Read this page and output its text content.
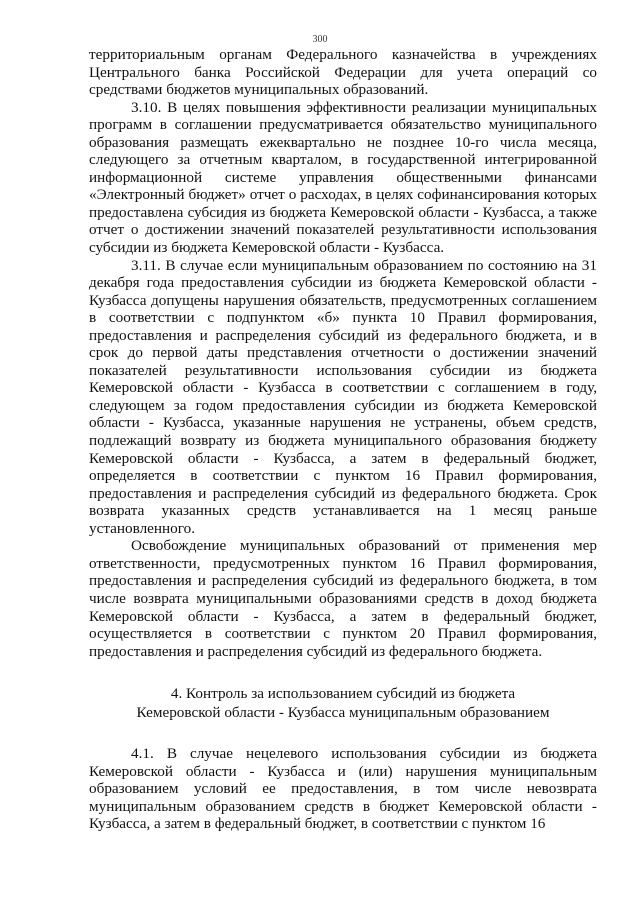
300

территориальным органам Федерального казначейства в учреждениях Центрального банка Российской Федерации для учета операций со средствами бюджетов муниципальных образований.

3.10. В целях повышения эффективности реализации муниципальных программ в соглашении предусматривается обязательство муниципального образования размещать ежеквартально не позднее 10-го числа месяца, следующего за отчетным кварталом, в государственной интегрированной информационной системе управления общественными финансами «Электронный бюджет» отчет о расходах, в целях софинансирования которых предоставлена субсидия из бюджета Кемеровской области - Кузбасса, а также отчет о достижении значений показателей результативности использования субсидии из бюджета Кемеровской области - Кузбасса.

3.11. В случае если муниципальным образованием по состоянию на 31 декабря года предоставления субсидии из бюджета Кемеровской области - Кузбасса допущены нарушения обязательств, предусмотренных соглашением в соответствии с подпунктом «б» пункта 10 Правил формирования, предоставления и распределения субсидий из федерального бюджета, и в срок до первой даты представления отчетности о достижении значений показателей результативности использования субсидии из бюджета Кемеровской области - Кузбасса в соответствии с соглашением в году, следующем за годом предоставления субсидии из бюджета Кемеровской области - Кузбасса, указанные нарушения не устранены, объем средств, подлежащий возврату из бюджета муниципального образования бюджету Кемеровской области - Кузбасса, а затем в федеральный бюджет, определяется в соответствии с пунктом 16 Правил формирования, предоставления и распределения субсидий из федерального бюджета. Срок возврата указанных средств устанавливается на 1 месяц раньше установленного.

Освобождение муниципальных образований от применения мер ответственности, предусмотренных пунктом 16 Правил формирования, предоставления и распределения субсидий из федерального бюджета, в том числе возврата муниципальными образованиями средств в доход бюджета Кемеровской области - Кузбасса, а затем в федеральный бюджет, осуществляется в соответствии с пунктом 20 Правил формирования, предоставления и распределения субсидий из федерального бюджета.

4. Контроль за использованием субсидий из бюджета
Кемеровской области - Кузбасса муниципальным образованием

4.1. В случае нецелевого использования субсидии из бюджета Кемеровской области - Кузбасса и (или) нарушения муниципальным образованием условий ее предоставления, в том числе невозврата муниципальным образованием средств в бюджет Кемеровской области - Кузбасса, а затем в федеральный бюджет, в соответствии с пунктом 16
